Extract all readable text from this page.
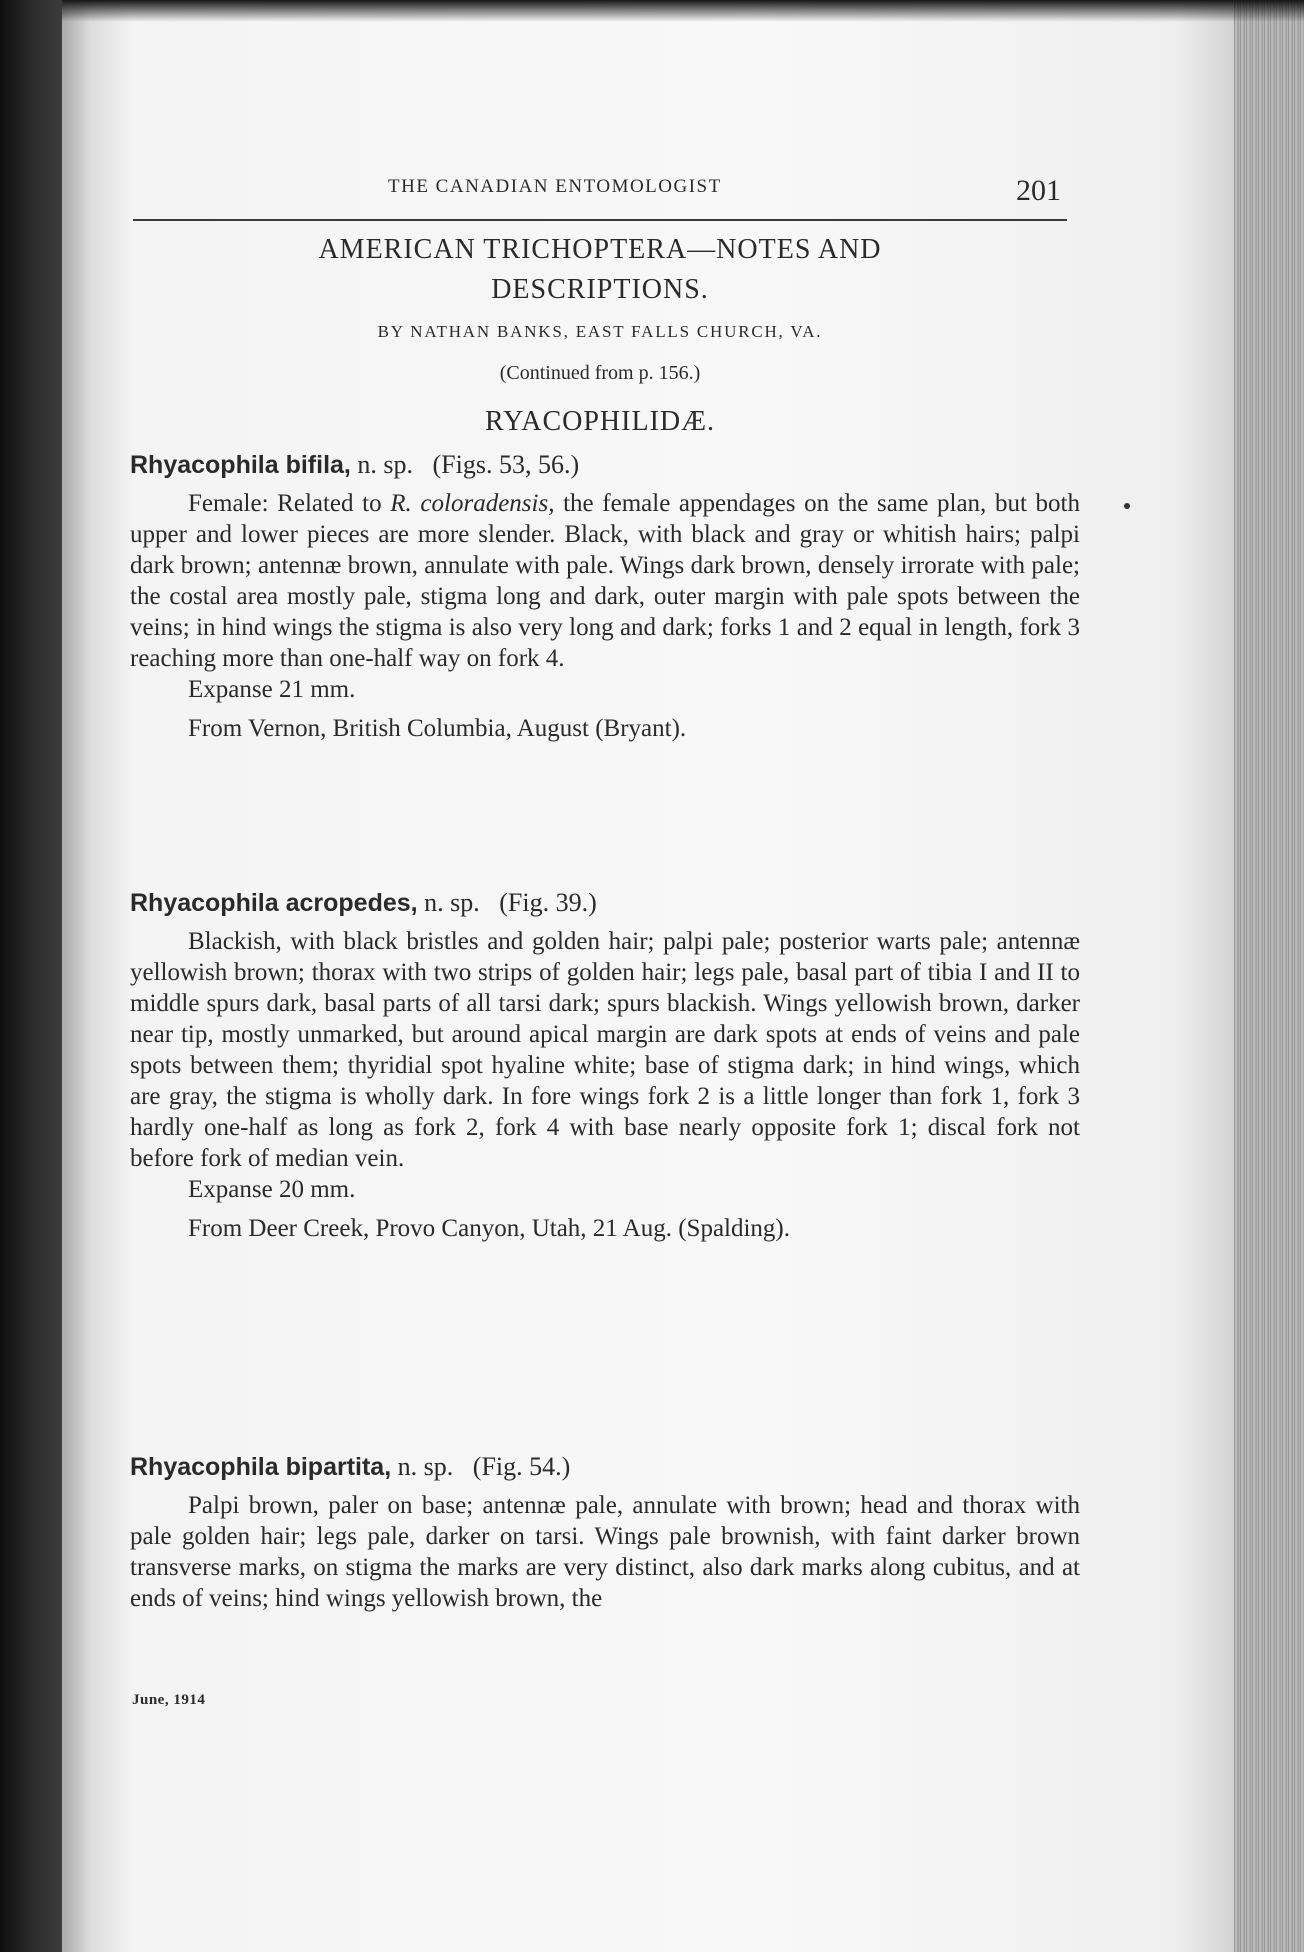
THE CANADIAN ENTOMOLOGIST	201
AMERICAN TRICHOPTERA—NOTES AND
DESCRIPTIONS.
BY NATHAN BANKS, EAST FALLS CHURCH, VA.
(Continued from p. 156.)
RYACOPHILIDÆ.
Rhyacophila bifila, n. sp. (Figs. 53, 56.)

Female: Related to R. coloradensis, the female appendages on the same plan, but both upper and lower pieces are more slender. Black, with black and gray or whitish hairs; palpi dark brown; antennæ brown, annulate with pale. Wings dark brown, densely irrorate with pale; the costal area mostly pale, stigma long and dark, outer margin with pale spots between the veins; in hind wings the stigma is also very long and dark; forks 1 and 2 equal in length, fork 3 reaching more than one-half way on fork 4.

Expanse 21 mm.

From Vernon, British Columbia, August (Bryant).

Rhyacophila acropedes, n. sp. (Fig. 39.)

Blackish, with black bristles and golden hair; palpi pale; posterior warts pale; antennæ yellowish brown; thorax with two strips of golden hair; legs pale, basal part of tibia I and II to middle spurs dark, basal parts of all tarsi dark; spurs blackish. Wings yellowish brown, darker near tip, mostly unmarked, but around apical margin are dark spots at ends of veins and pale spots between them; thyridial spot hyaline white; base of stigma dark; in hind wings, which are gray, the stigma is wholly dark. In fore wings fork 2 is a little longer than fork 1, fork 3 hardly one-half as long as fork 2, fork 4 with base nearly opposite fork 1; discal fork not before fork of median vein.

Expanse 20 mm.

From Deer Creek, Provo Canyon, Utah, 21 Aug. (Spalding).

Rhyacophila bipartita, n. sp. (Fig. 54.)

Palpi brown, paler on base; antennæ pale, annulate with brown; head and thorax with pale golden hair; legs pale, darker on tarsi. Wings pale brownish, with faint darker brown transverse marks, on stigma the marks are very distinct, also dark marks along cubitus, and at ends of veins; hind wings yellowish brown, the

June, 1914
